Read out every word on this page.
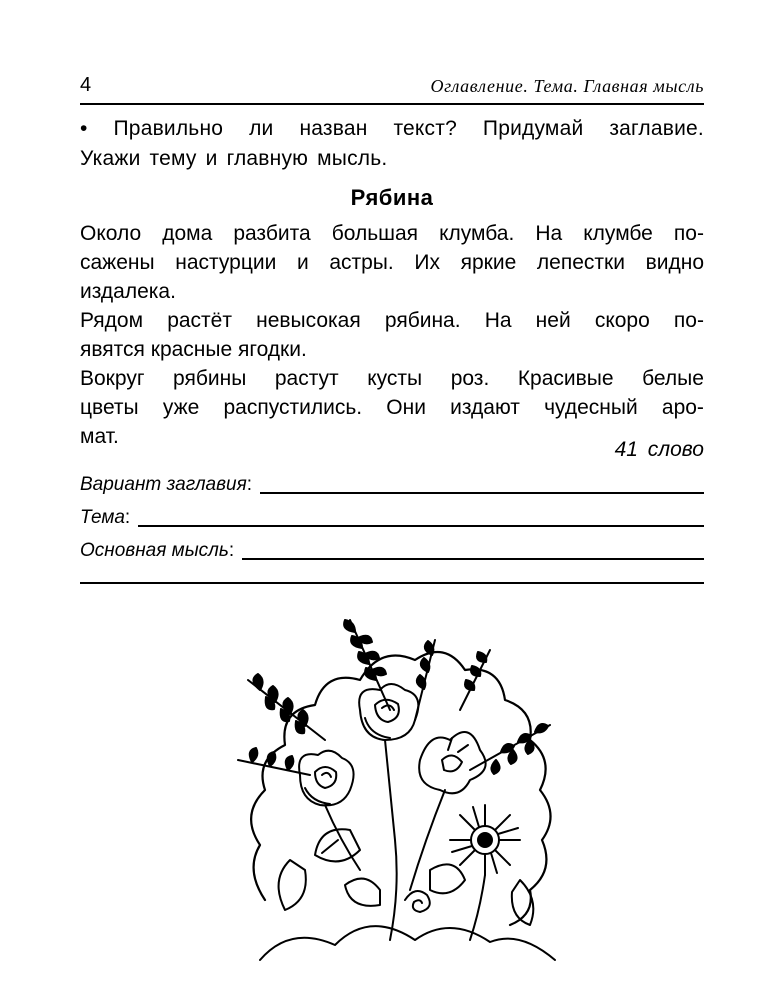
4	Оглавление. Тема. Главная мысль
• Правильно ли назван текст? Придумай заглавие.
Укажи тему и главную мысль.
Рябина
Около дома разбита большая клумба. На клумбе по-
сажены настурции и астры. Их яркие лепестки видно
издалека.
Рядом растёт невысокая рябина. На ней скоро по-
явятся красные ягодки.
Вокруг рябины растут кусты роз. Красивые белые
цветы уже распустились. Они издают чудесный аро-
мат.
41 слово
Вариант заглавия :
Тема :
Основная мысль :
